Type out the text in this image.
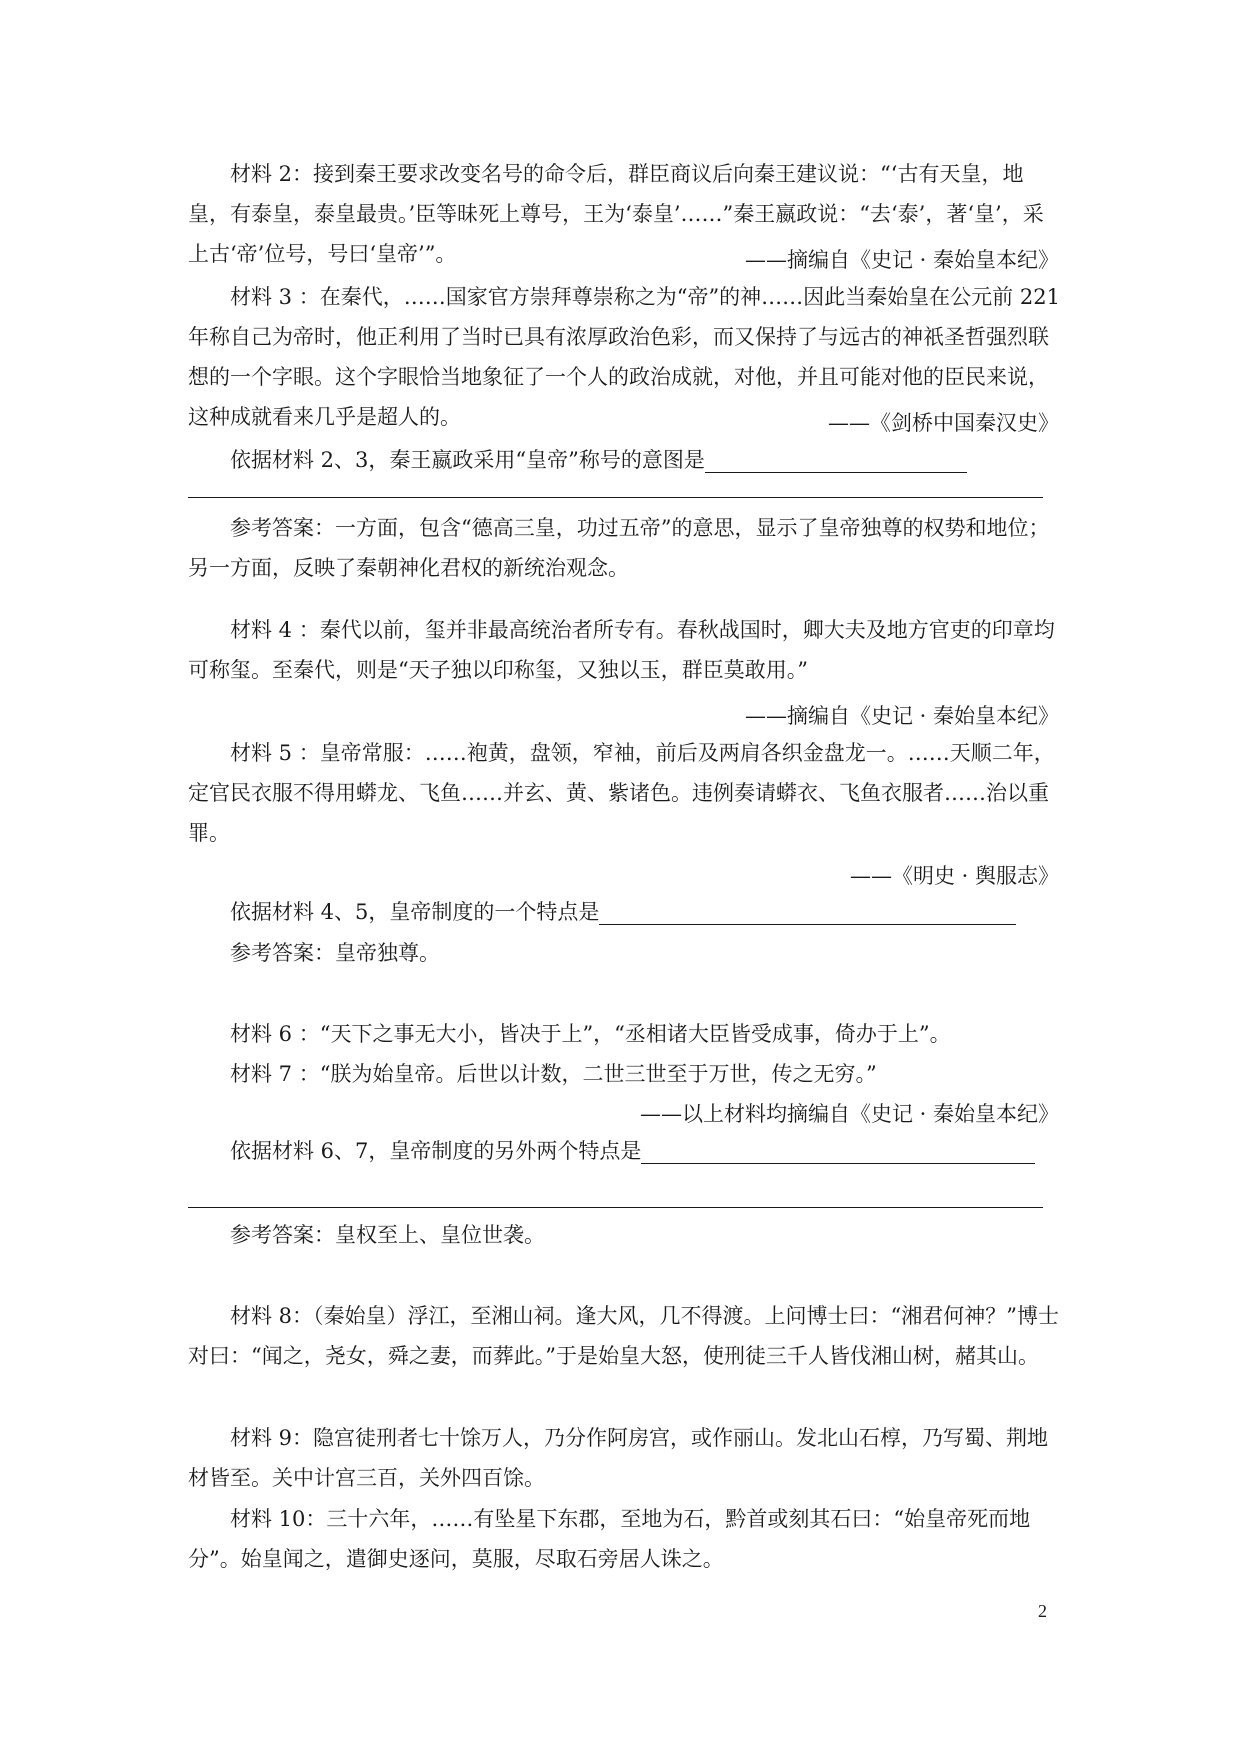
材料 2：接到秦王要求改变名号的命令后，群臣商议后向秦王建议说：“‘古有天皇，地皇，有泰皇，泰皇最贵。’臣等昧死上尊号，王为‘泰皇’……”秦王嬴政说：“去‘泰’，著‘皇’，采上古‘帝’位号，号曰‘皇帝’”。	——摘编自《史记 · 秦始皇本纪》

材料 3 ：在秦代，……国家官方崇拜尊崇称之为“帝”的神……因此当秦始皇在公元前 221 年称自己为帝时，他正利用了当时已具有浓厚政治色彩，而又保持了与远古的神祇圣哲强烈联想的一个字眼。这个字眼恰当地象征了一个人的政治成就，对他，并且可能对他的臣民来说，这种成就看来几乎是超人的。	——《剑桥中国秦汉史》

依据材料 2、3，秦王嬴政采用“皇帝”称号的意图是

参考答案：一方面，包含“德高三皇，功过五帝”的意思，显示了皇帝独尊的权势和地位；另一方面，反映了秦朝神化君权的新统治观念。

材料 4 ：秦代以前，玺并非最高统治者所专有。春秋战国时，卿大夫及地方官吏的印章均可称玺。至秦代，则是“天子独以印称玺，又独以玉，群臣莫敢用。”

——摘编自《史记 · 秦始皇本纪》

材料 5 ：皇帝常服：……袍黄，盘领，窄袖，前后及两肩各织金盘龙一。……天顺二年，定官民衣服不得用蟒龙、飞鱼……并玄、黄、紫诸色。违例奏请蟒衣、飞鱼衣服者……治以重罪。

——《明史 · 舆服志》

依据材料 4、5，皇帝制度的一个特点是

参考答案：皇帝独尊。

材料 6 ：“天下之事无大小，皆决于上”，“丞相诸大臣皆受成事，倚办于上”。

材料 7 ：“朕为始皇帝。后世以计数，二世三世至于万世，传之无穷。”

——以上材料均摘编自《史记 · 秦始皇本纪》

依据材料 6、7，皇帝制度的另外两个特点是

参考答案：皇权至上、皇位世袭。

材料 8：（秦始皇）浮江，至湘山祠。逢大风，几不得渡。上问博士曰：“湘君何神？”博士对曰：“闻之，尧女，舜之妻，而葬此。”于是始皇大怒，使刑徒三千人皆伐湘山树，赭其山。

材料 9：隐宫徒刑者七十馀万人，乃分作阿房宫，或作丽山。发北山石椁，乃写蜀、荆地材皆至。关中计宫三百，关外四百馀。

材料 10：三十六年，……有坠星下东郡，至地为石，黔首或刻其石曰：“始皇帝死而地分”。始皇闻之，遣御史逐问，莫服，尽取石旁居人诛之。

2
